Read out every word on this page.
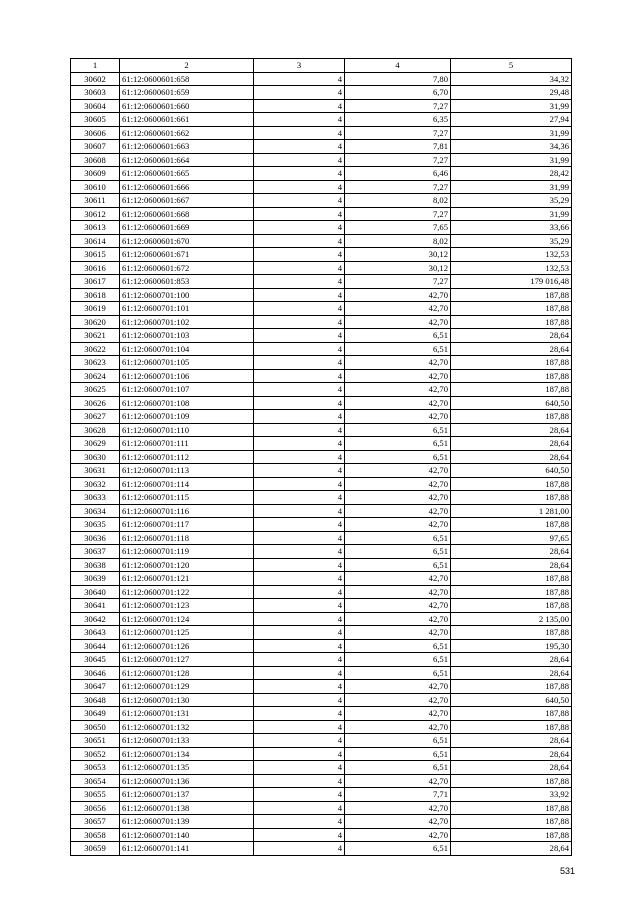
1	2	3	4	5
30602	61:12:0600601:658	4	7,80	34,32
30603	61:12:0600601:659	4	6,70	29,48
30604	61:12:0600601:660	4	7,27	31,99
30605	61:12:0600601:661	4	6,35	27,94
30606	61:12:0600601:662	4	7,27	31,99
30607	61:12:0600601:663	4	7,81	34,36
30608	61:12:0600601:664	4	7,27	31,99
30609	61:12:0600601:665	4	6,46	28,42
30610	61:12:0600601:666	4	7,27	31,99
30611	61:12:0600601:667	4	8,02	35,29
30612	61:12:0600601:668	4	7,27	31,99
30613	61:12:0600601:669	4	7,65	33,66
30614	61:12:0600601:670	4	8,02	35,29
30615	61:12:0600601:671	4	30,12	132,53
30616	61:12:0600601:672	4	30,12	132,53
30617	61:12:0600601:853	4	7,27	179 016,48
30618	61:12:0600701:100	4	42,70	187,88
30619	61:12:0600701:101	4	42,70	187,88
30620	61:12:0600701:102	4	42,70	187,88
30621	61:12:0600701:103	4	6,51	28,64
30622	61:12:0600701:104	4	6,51	28,64
30623	61:12:0600701:105	4	42,70	187,88
30624	61:12:0600701:106	4	42,70	187,88
30625	61:12:0600701:107	4	42,70	187,88
30626	61:12:0600701:108	4	42,70	640,50
30627	61:12:0600701:109	4	42,70	187,88
30628	61:12:0600701:110	4	6,51	28,64
30629	61:12:0600701:111	4	6,51	28,64
30630	61:12:0600701:112	4	6,51	28,64
30631	61:12:0600701:113	4	42,70	640,50
30632	61:12:0600701:114	4	42,70	187,88
30633	61:12:0600701:115	4	42,70	187,88
30634	61:12:0600701:116	4	42,70	1 281,00
30635	61:12:0600701:117	4	42,70	187,88
30636	61:12:0600701:118	4	6,51	97,65
30637	61:12:0600701:119	4	6,51	28,64
30638	61:12:0600701:120	4	6,51	28,64
30639	61:12:0600701:121	4	42,70	187,88
30640	61:12:0600701:122	4	42,70	187,88
30641	61:12:0600701:123	4	42,70	187,88
30642	61:12:0600701:124	4	42,70	2 135,00
30643	61:12:0600701:125	4	42,70	187,88
30644	61:12:0600701:126	4	6,51	195,30
30645	61:12:0600701:127	4	6,51	28,64
30646	61:12:0600701:128	4	6,51	28,64
30647	61:12:0600701:129	4	42,70	187,88
30648	61:12:0600701:130	4	42,70	640,50
30649	61:12:0600701:131	4	42,70	187,88
30650	61:12:0600701:132	4	42,70	187,88
30651	61:12:0600701:133	4	6,51	28,64
30652	61:12:0600701:134	4	6,51	28,64
30653	61:12:0600701:135	4	6,51	28,64
30654	61:12:0600701:136	4	42,70	187,88
30655	61:12:0600701:137	4	7,71	33,92
30656	61:12:0600701:138	4	42,70	187,88
30657	61:12:0600701:139	4	42,70	187,88
30658	61:12:0600701:140	4	42,70	187,88
30659	61:12:0600701:141	4	6,51	28,64
531
